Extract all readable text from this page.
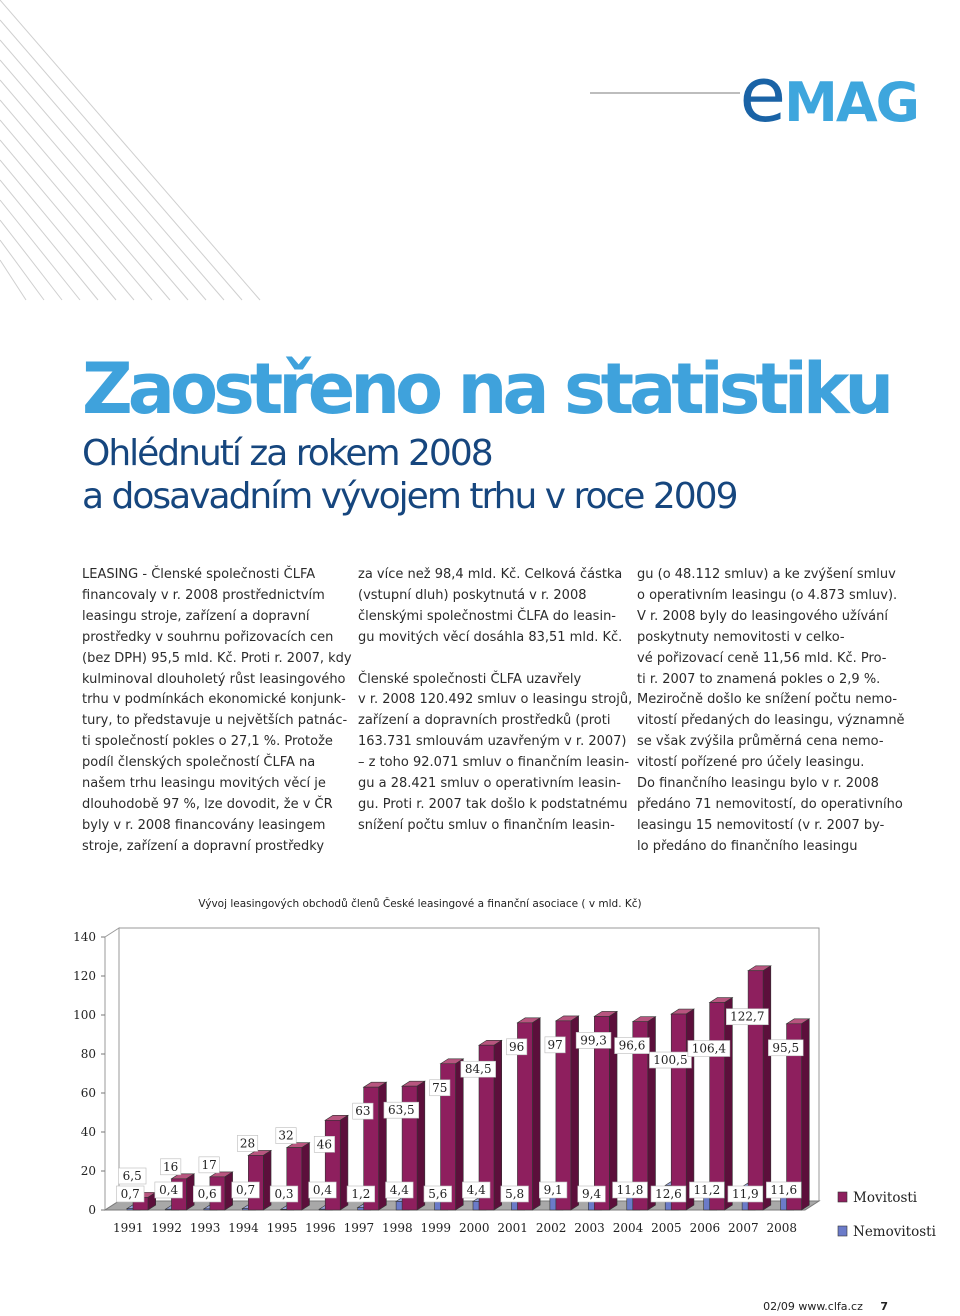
eMAG
Zaostřeno na statistiku
Ohlédnutí za rokem 2008
a dosavadním vývojem trhu v roce 2009
LEASING - Členské společnosti ČLFA
financovaly v r. 2008 prostřednictvím
leasingu stroje, zařízení a dopravní
prostředky v souhrnu pořizovacích cen
(bez DPH) 95,5 mld. Kč. Proti r. 2007, kdy
kulminoval dlouholetý růst leasingového
trhu v podmínkách ekonomické konjunk-
tury, to představuje u největších patnác-
ti společností pokles o 27,1 %. Protože
podíl členských společností ČLFA na
našem trhu leasingu movitých věcí je
dlouhodobě 97 %, lze dovodit, že v ČR
byly v r. 2008 financovány leasingem
stroje, zařízení a dopravní prostředky
za více než 98,4 mld. Kč. Celková částka
(vstupní dluh) poskytnutá v r. 2008
členskými společnostmi ČLFA do leasin-
gu movitých věcí dosáhla 83,51 mld. Kč.
Členské společnosti ČLFA uzavřely
v r. 2008 120.492 smluv o leasingu strojů,
zařízení a dopravních prostředků (proti
163.731 smlouvám uzavřeným v r. 2007)
– z toho 92.071 smluv o finančním leasin-
gu a 28.421 smluv o operativním leasin-
gu. Proti r. 2007 tak došlo k podstatnému
snížení počtu smluv o finančním leasin-
gu (o 48.112 smluv) a ke zvýšení smluv
o operativním leasingu (o 4.873 smluv).
V r. 2008 byly do leasingového užívání
poskytnuty nemovitosti v celko-
vé pořizovací ceně 11,56 mld. Kč. Pro-
ti r. 2007 to znamená pokles o 2,9 %.
Meziročně došlo ke snížení počtu nemo-
vitostí předaných do leasingu, významně
se však zvýšila průměrná cena nemo-
vitostí pořízené pro účely leasingu.
Do finančního leasingu bylo v r. 2008
předáno 71 nemovitostí, do operativního
leasingu 15 nemovitostí (v r. 2007 by-
lo předáno do finančního leasingu
Vývoj leasingových obchodů členů České leasingové a finanční asociace ( v mld. Kč)
0
20
40
60
80
100
120
140
1991 1992 1993 1994 1995 1996 1997 1998 1999 2000 2001 2002 2003 2004 2005 2006 2007 2008
6,5
0,7
16
0,4
17
0,6
28
0,7
32
0,3
46
0,4
63
1,2
63,5
4,4
75
5,6
84,5
4,4
96
5,8
97
9,1
99,3
9,4
96,6
11,8
100,5
12,6
106,4
11,2
122,7
11,9
95,5
11,6	Movitosti
Nemovitosti
02/09 www.clfa.cz 7
